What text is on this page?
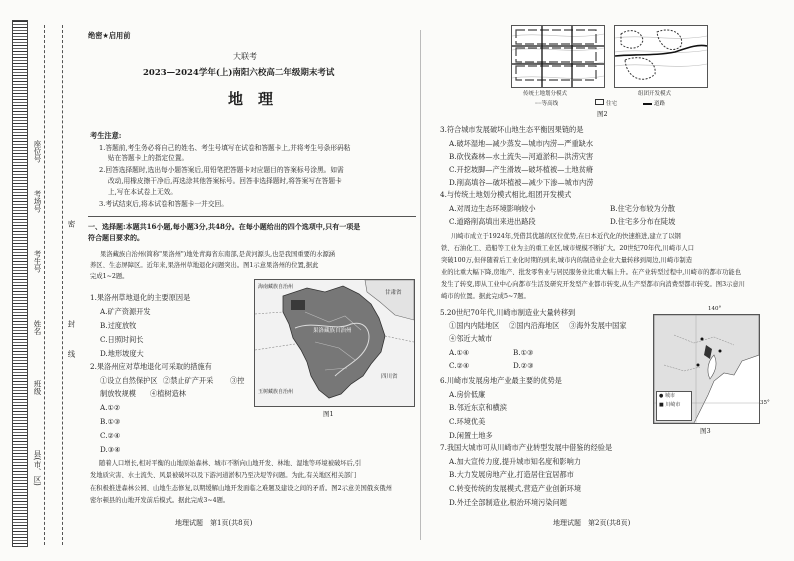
座位号
考场号
考生号
姓名
班级
县(市、区)
密
封
线
绝密★启用前
大联考
2023—2024学年(上)南阳六校高二年级期末考试
地　理
考生注意:
1.答题前,考生务必将自己的姓名、考生号填写在试卷和答题卡上,并将考生号条形码粘
贴在答题卡上的指定位置。
2.回答选择题时,选出每小题答案后,用铅笔把答题卡对应题目的答案标号涂黑。如需
改动,用橡皮擦干净后,再选涂其他答案标号。回答非选择题时,将答案写在答题卡
上,写在本试卷上无效。
3.考试结束后,将本试卷和答题卡一并交回。
一、选择题:本题共16小题,每小题3分,共48分。在每小题给出的四个选项中,只有一项是
符合题目要求的。
果洛藏族自治州(简称"果洛州")地处青海省东南部,是黄河源头,也是我国重要的水源涵
养区、生态屏障区。近年来,果洛州草地退化问题突出。图1示意果洛州的位置,据此
完成1~2题。
1.果洛州草地退化的主要原因是
A.矿产资源开发
B.过度放牧
C.日照时间长
D.地形坡度大
2.果洛州应对草地退化可采取的措施有
①设立自然保护区 ②禁止矿产开采 ③控
制放牧规模 ④植树造林
A.①②
B.①③
C.②④
D.③④
海南藏族自治州
果洛藏族自治州
四川省
玉树藏族自治州
甘肃省
图1
随着人口增长,相对平衡的山地原始森林、城市不断向山地开发、林地、湿地等环境被破坏后,引
发地质灾害、水土流失、风景被破坏以及下游河道淤积乃至决堤等问题。为此,有关地区相关部门
在积极推进森林公园、山地生态修复,以期缓解山地开发面临之难题及建设之间的矛盾。图2示意美国俄亥俄州
密尔顿县的山地开发前后模式。据此完成3~4题。
地理试题　第1页(共8页)
传统土地划分模式	组团开发模式
┉┉等高线	住宅	道路
图2
3.符合城市发展破坏山地生态平衡因果链的是
A.破坏湿地—减少蒸发—城市内涝—严重缺水
B.砍伐森林—水土流失—河道淤积—洪涝灾害
C.开挖坡脚—产生滑坡—破坏植被—土地贫瘠
D.削高填谷—破坏植被—减少下渗—城市内涝
4.与传统土地划分模式相比,组团开发模式
A.对周边生态环境影响较小	B.住宅分布较为分散
C.道路削高填出来进出路段	D.住宅多分布在陡坡
川崎市成立于1924年,凭借其优越的区位优势,在日本近代化的快速推进,建立了以钢
铁、石油化工、造船等工业为主的重工业区,城市规模不断扩大。20世纪70年代,川崎市人口
突破100万,但伴随着后工业化时期的到来,城市内的制造业企业大量转移到周边,川崎市制造
业的比重大幅下降,房地产、批发零售业与居民服务业比重大幅上升。在产业转型过程中,川崎市的都市功能也
发生了转变,即从工业中心向都市生活及研究开发型产业都市转变,从生产型都市向消费型都市转变。图3示意川
崎市的位置。据此完成5~7题。
5.20世纪70年代,川崎市制造业大量转移到
①国内内陆地区 ②国内沿海地区 ③海外发展中国家
④邻近大城市
A.①④	B.①③
C.②④	D.②③
6.川崎市发展房地产业最主要的优势是
A.房价低廉
B.邻近东京和横滨
C.环境优美
D.闲置土地多
● 城市
■ 川崎市
140°
35°
图3
7.我国大城市可从川崎市产业转型发展中借鉴的经验是
A.加大宣传力度,提升城市知名度和影响力
B.大力发展房地产业,打造居住宜居都市
C.转变传统的发展模式,营造产业创新环境
D.外迁全部制造业,根治环境污染问题
地理试题　第2页(共8页)
